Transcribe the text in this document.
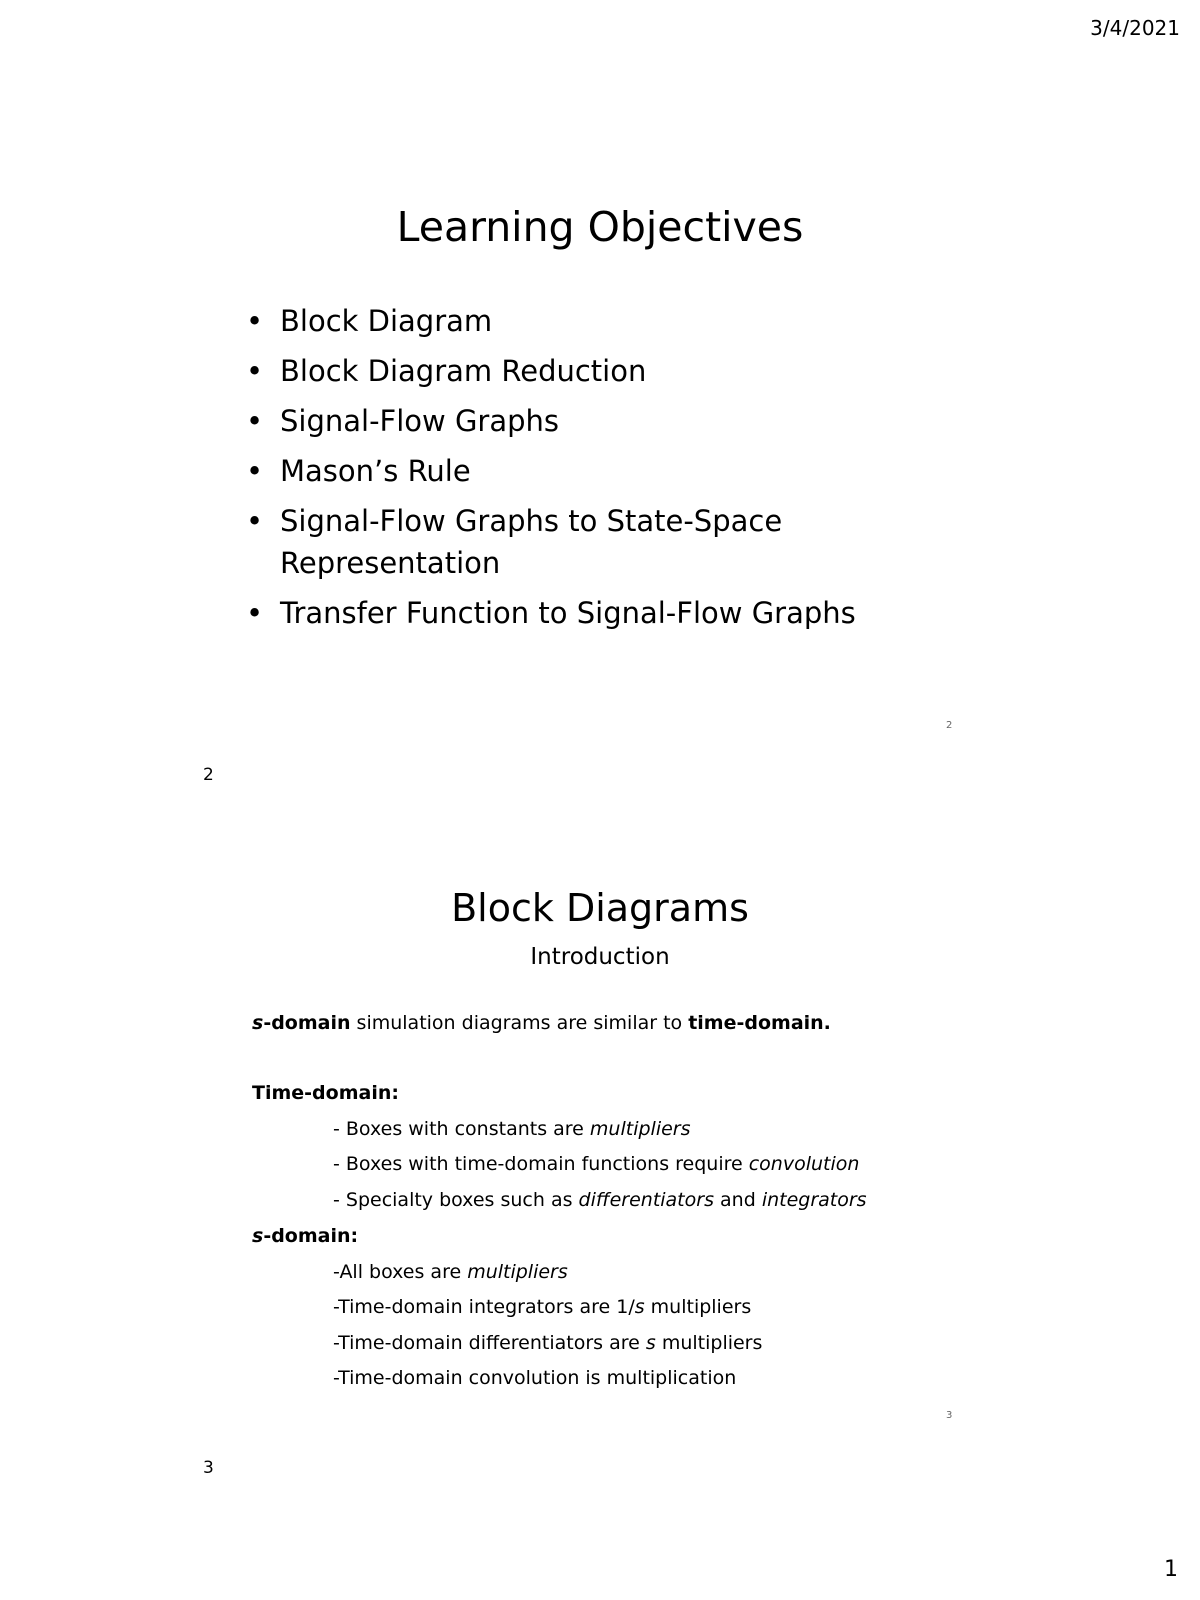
3/4/2021
1
Learning Objectives
• Block Diagram
• Block Diagram Reduction
• Signal-Flow Graphs
• Mason’s Rule
• Signal-Flow Graphs to State-Space Representation
• Transfer Function to Signal-Flow Graphs
2
2
Block Diagrams
Introduction
s-domain simulation diagrams are similar to time-domain.
Time-domain:
- Boxes with constants are multipliers
- Boxes with time-domain functions require convolution
- Specialty boxes such as differentiators and integrators
s-domain:
-All boxes are multipliers
-Time-domain integrators are 1/s multipliers
-Time-domain differentiators are s multipliers
-Time-domain convolution is multiplication
3
3
